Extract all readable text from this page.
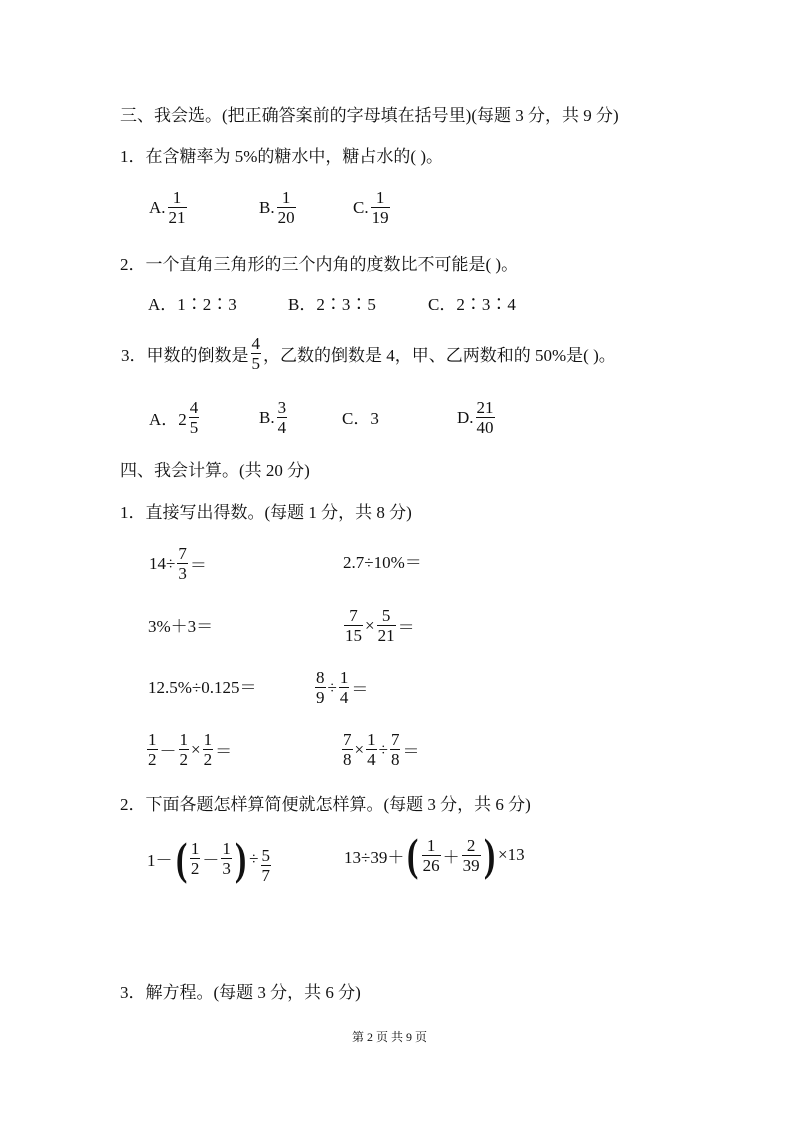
三、我会选。(把正确答案前的字母填在括号里)(每题 3 分，共 9 分)
1．在含糖率为 5%的糖水中，糖占水的( )。
A. $\frac{1}{21}$	B. $\frac{1}{20}$	C. $\frac{1}{19}$
2．一个直角三角形的三个内角的度数比不可能是( )。
A．1∶2∶3	B．2∶3∶5	C．2∶3∶4
3．甲数的倒数是 $\frac{4}{5}$ ，乙数的倒数是 4，甲、乙两数和的 50%是( )。
A．$2 \frac{4}{5}$	B. $\frac{3}{4}$	C．3	D. $\frac{21}{40}$
四、我会计算。(共 20 分)
1．直接写出得数。(每题 1 分，共 8 分)
$14\div \frac{7}{3}$ ＝	2.7÷10%＝
3%＋3＝	$\frac{7}{15} \times \frac{5}{21}$ ＝
12.5%÷0.125＝	$\frac{8}{9} \div \frac{1}{4}$ ＝
$\frac{1}{2} - \frac{1}{2} \times \frac{1}{2}$ ＝	$\frac{7}{8} \times \frac{1}{4} \div \frac{7}{8}$ ＝
2．下面各题怎样算简便就怎样算。(每题 3 分，共 6 分)
$1-( \frac{1}{2} - \frac{1}{3}$ ) ÷ $\frac{5}{7}$	$13\div 39+( \frac{1}{26} + \frac{2}{39}$ ) ×13
3．解方程。(每题 3 分，共 6 分)
第 2 页 共 9 页
